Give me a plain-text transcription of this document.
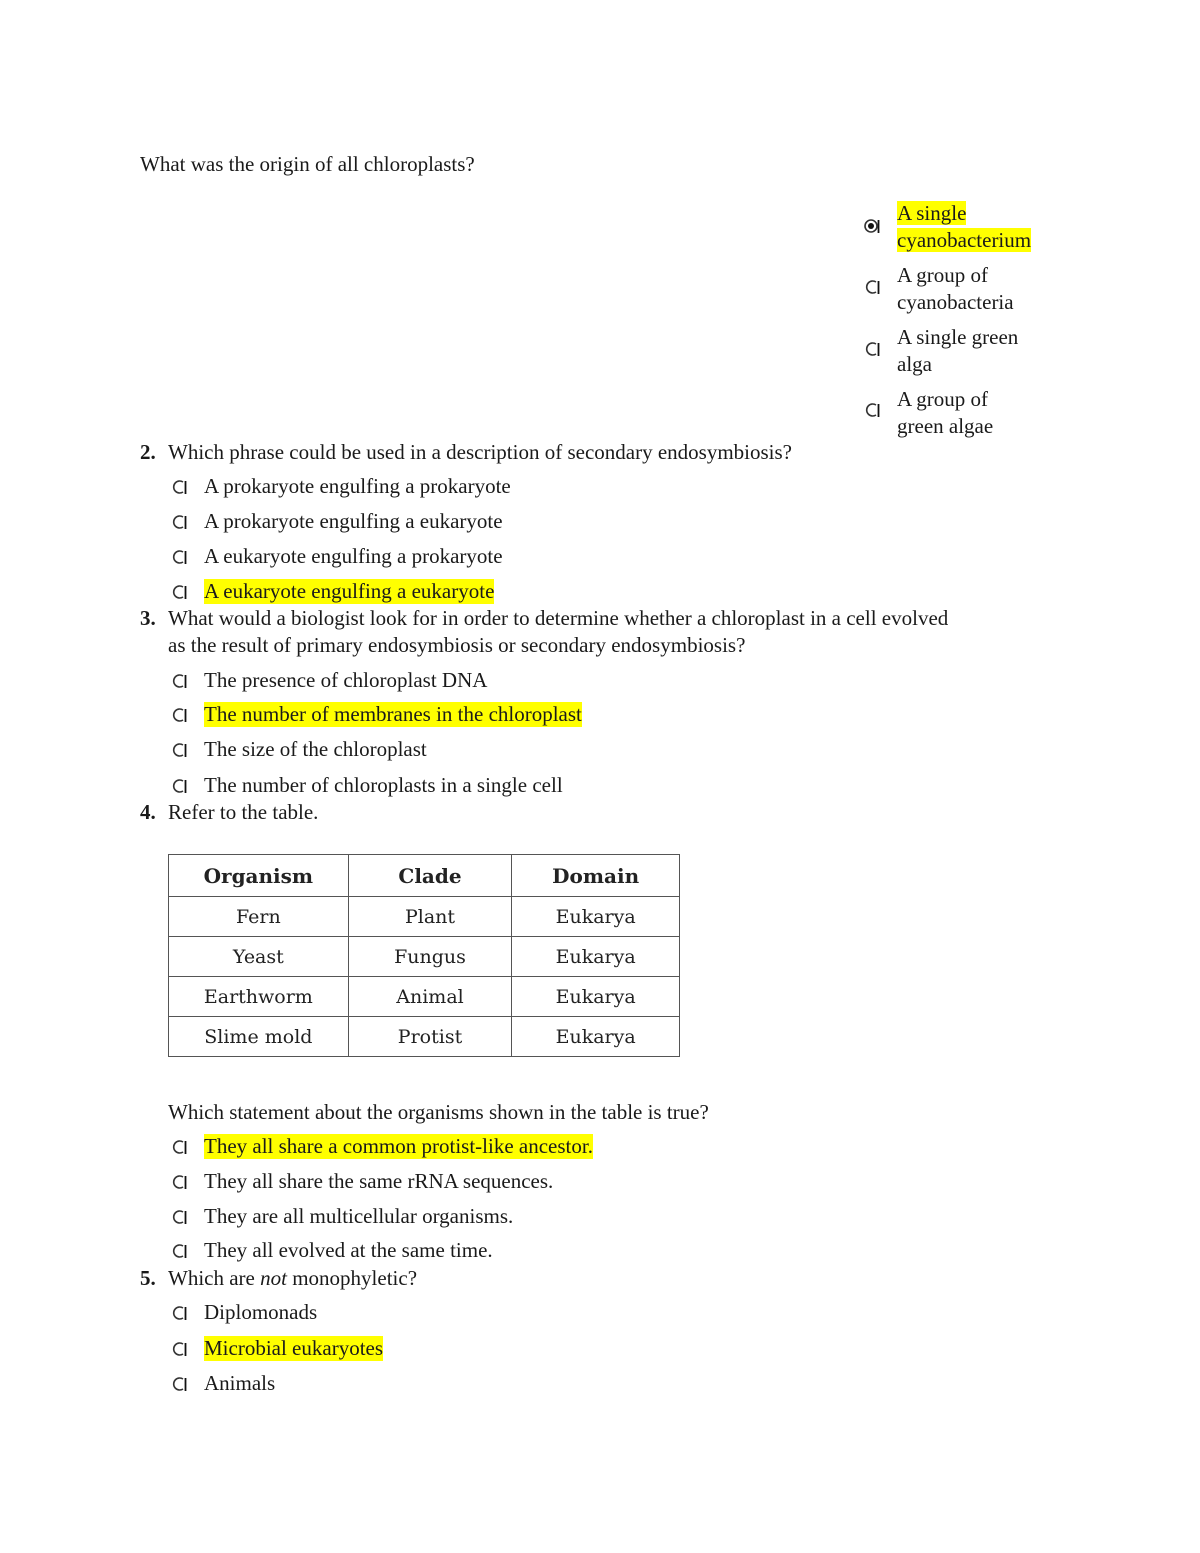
What was the origin of all chloroplasts?
A single
cyanobacterium
A group of
cyanobacteria
A single green
alga
A group of
green algae
2. Which phrase could be used in a description of secondary endosymbiosis?
A prokaryote engulfing a prokaryote
A prokaryote engulfing a eukaryote
A eukaryote engulfing a prokaryote
A eukaryote engulfing a eukaryote
3. What would a biologist look for in order to determine whether a chloroplast in a cell evolved
as the result of primary endosymbiosis or secondary endosymbiosis?
The presence of chloroplast DNA
The number of membranes in the chloroplast
The size of the chloroplast
The number of chloroplasts in a single cell
4. Refer to the table.
Organism	Clade	Domain
Fern	Plant	Eukarya
Yeast	Fungus	Eukarya
Earthworm	Animal	Eukarya
Slime mold	Protist	Eukarya
Which statement about the organisms shown in the table is true?
They all share a common protist-like ancestor.
They all share the same rRNA sequences.
They are all multicellular organisms.
They all evolved at the same time.
5. Which are not monophyletic?
Diplomonads
Microbial eukaryotes
Animals
